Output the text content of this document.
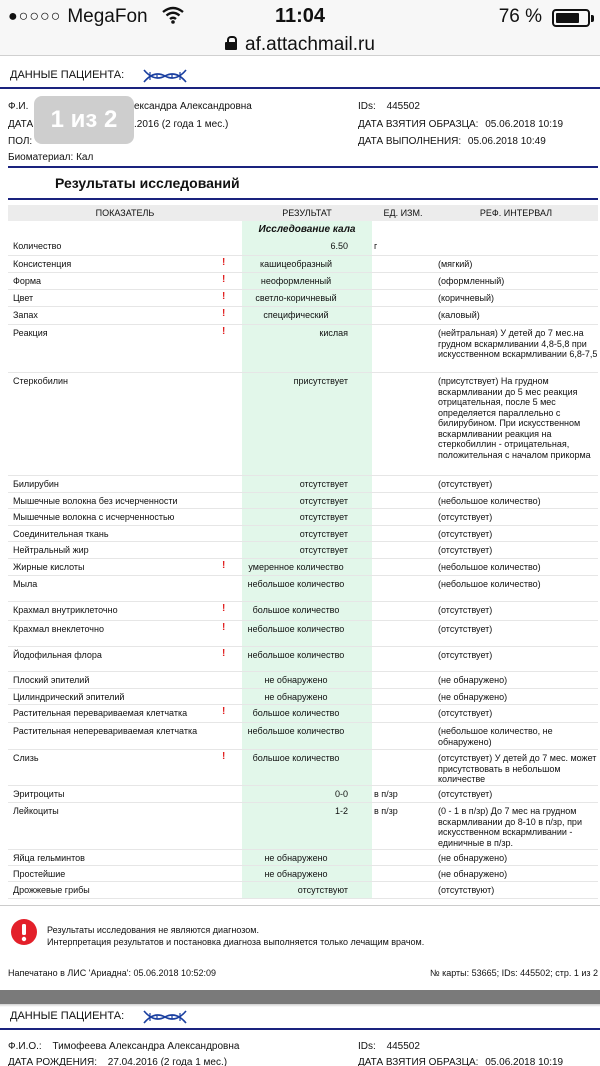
●○○○○ MegaFon	11:04	76 %
af.attachmail.ru
ДАННЫЕ ПАЦИЕНТА:
Ф.И.	ександра Александровна
ДАТА	.2016 (2 года 1 мес.)
ПОЛ:
Биоматериал: Кал
IDs: 445502
ДАТА ВЗЯТИЯ ОБРАЗЦА: 05.06.2018 10:19
ДАТА ВЫПОЛНЕНИЯ: 05.06.2018 10:49
1 из 2
Результаты исследований
ПОКАЗАТЕЛЬ	РЕЗУЛЬТАТ	ЕД. ИЗМ.	РЕФ. ИНТЕРВАЛ
Исследование кала
Количество	6.50	г
Консистенция	!	кашицеобразный	(мягкий)
Форма	!	неоформленный	(оформленный)
Цвет	!	светло-коричневый	(коричневый)
Запах	!	специфический	(каловый)
Реакция	!	кислая	(нейтральная) У детей до 7 мес.на грудном вскармливании 4,8-5,8 при искусственном вскармливании 6,8-7,5
Стеркобилин	присутствует	(присутствует) На грудном вскармливании до 5 мес реакция отрицательная, после 5 мес определяется параллельно с билирубином. При искусственном вскармливании реакция на стеркобиллин - отрицательная, положительная с началом прикорма
Билирубин	отсутствует	(отсутствует)
Мышечные волокна без исчерченности	отсутствует	(небольшое количество)
Мышечные волокна с исчерченностью	отсутствует	(отсутствует)
Соединительная ткань	отсутствует	(отсутствует)
Нейтральный жир	отсутствует	(отсутствует)
Жирные кислоты	!	умеренное количество	(небольшое количество)
Мыла	небольшое количество	(небольшое количество)
Крахмал внутриклеточно	!	большое количество	(отсутствует)
Крахмал внеклеточно	!	небольшое количество	(отсутствует)
Йодофильная флора	!	небольшое количество	(отсутствует)
Плоский эпителий	не обнаружено	(не обнаружено)
Цилиндрический эпителий	не обнаружено	(не обнаружено)
Растительная перевариваемая клетчатка	!	большое количество	(отсутствует)
Растительная неперевариваемая клетчатка	небольшое количество	(небольшое количество, не обнаружено)
Слизь	!	большое количество	(отсутствует) У детей до 7 мес. может присутствовать в небольшом количестве
Эритроциты	0-0	в п/зр	(отсутствует)
Лейкоциты	1-2	в п/зр	(0 - 1 в п/зр) До 7 мес на грудном вскармливании до 8-10 в п/зр, при искусственном вскармливании - единичные в п/зр.
Яйца гельминтов	не обнаружено	(не обнаружено)
Простейшие	не обнаружено	(не обнаружено)
Дрожжевые грибы	отсутствуют	(отсутствуют)
Результаты исследования не являются диагнозом.
Интерпретация результатов и постановка диагноза выполняется только лечащим врачом.
Напечатано в ЛИС 'Ариадна': 05.06.2018 10:52:09	№ карты: 53665; IDs: 445502; стр. 1 из 2
ДАННЫЕ ПАЦИЕНТА:
Ф.И.О.: Тимофеева Александра Александровна
ДАТА РОЖДЕНИЯ: 27.04.2016 (2 года 1 мес.)
IDs: 445502
ДАТА ВЗЯТИЯ ОБРАЗЦА: 05.06.2018 10:19
